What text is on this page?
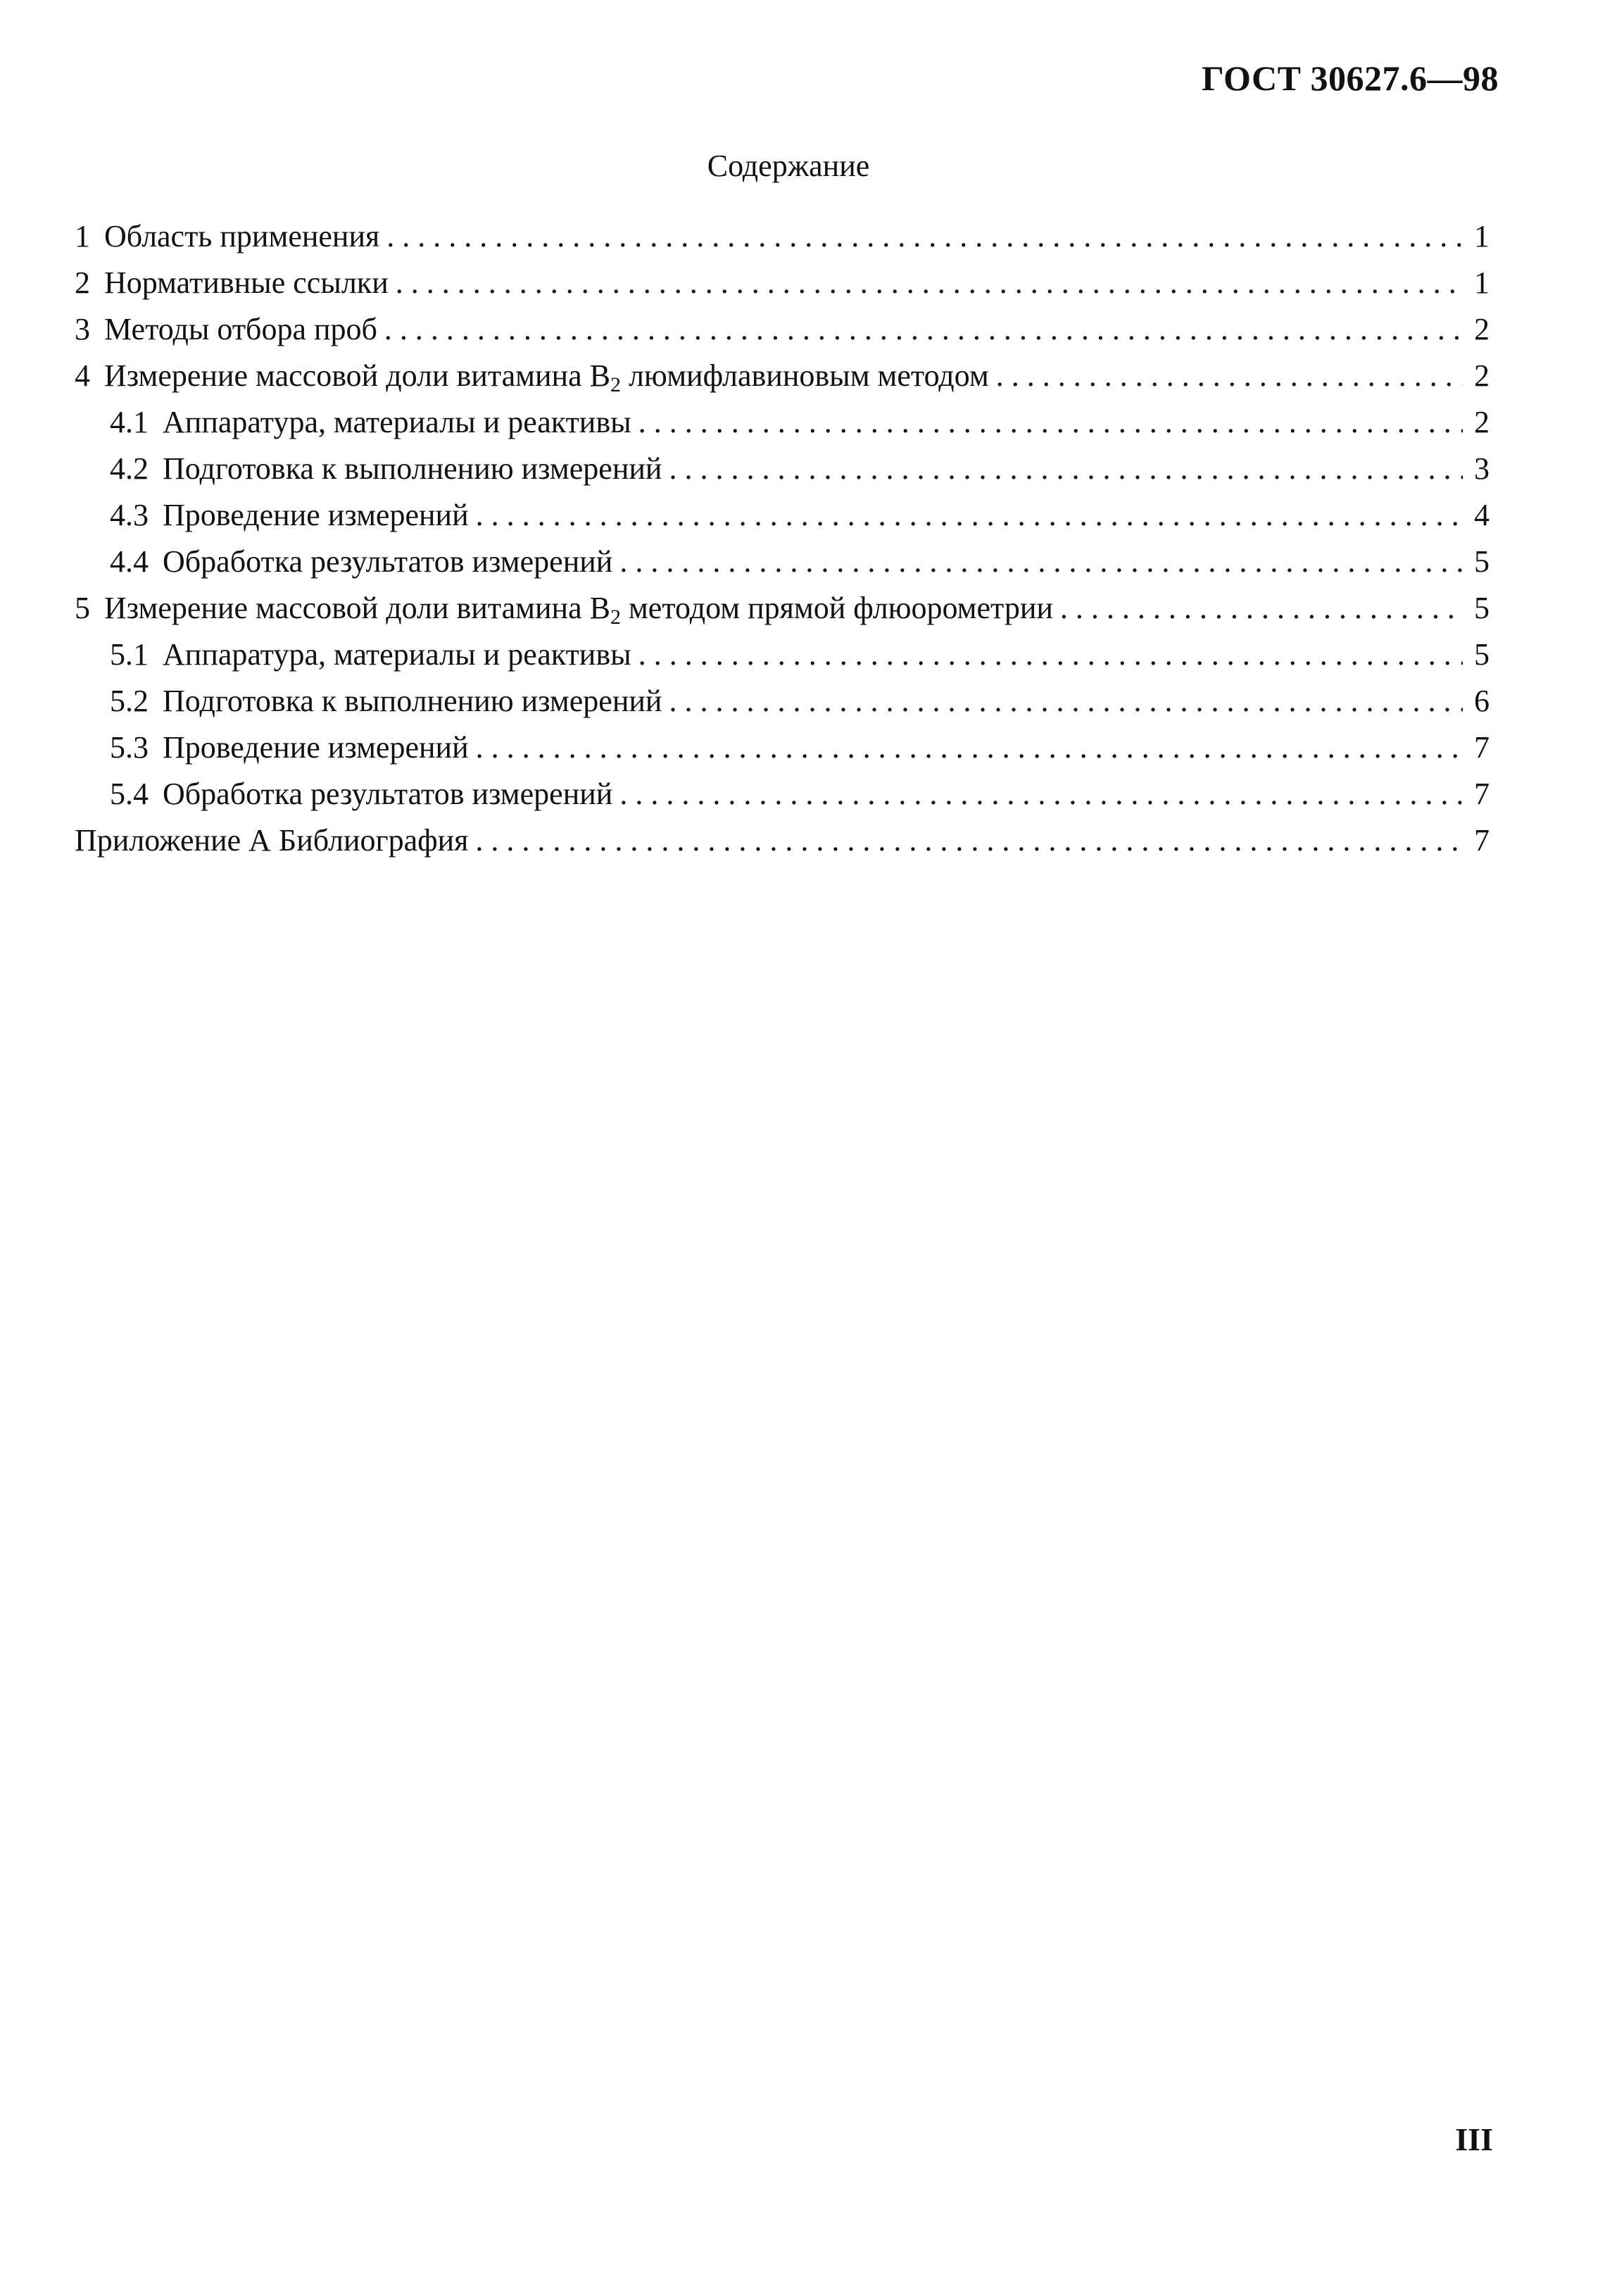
ГОСТ 30627.6—98
Содержание
1 Область применения . . .	1
2 Нормативные ссылки . . .	1
3 Методы отбора проб . . .	2
4 Измерение массовой доли витамина $В_2$ люмифлавиновым методом . . .	2
4.1 Аппаратура, материалы и реактивы . . .	2
4.2 Подготовка к выполнению измерений . . .	3
4.3 Проведение измерений . . .	4
4.4 Обработка результатов измерений . . .	5
5 Измерение массовой доли витамина $В_2$ методом прямой флюорометрии . . .	5
5.1 Аппаратура, материалы и реактивы . . .	5
5.2 Подготовка к выполнению измерений . . .	6
5.3 Проведение измерений . . .	7
5.4 Обработка результатов измерений . . .	7
Приложение А Библиография . . .	7
III
